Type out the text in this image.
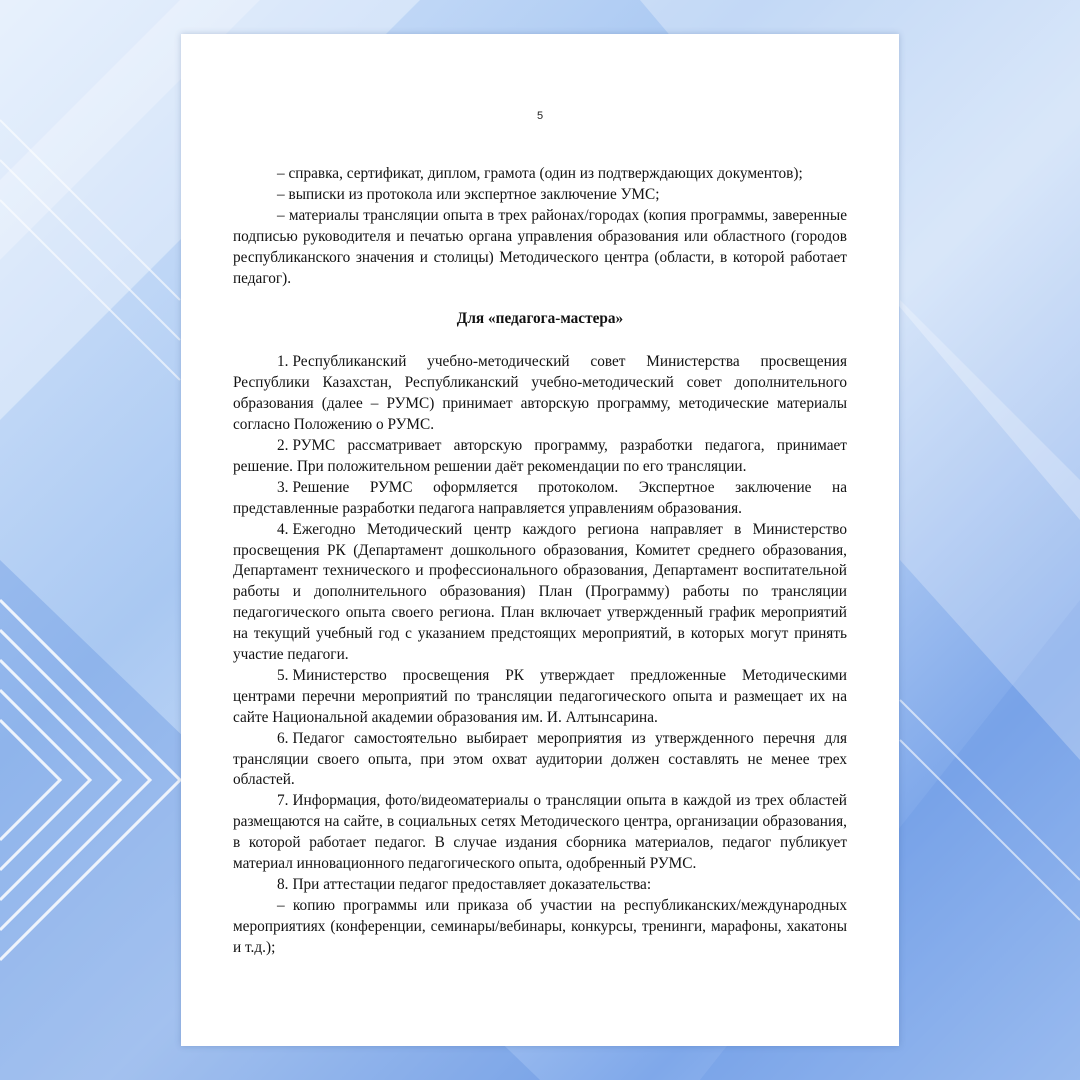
5

– справка, сертификат, диплом, грамота (один из подтверждающих документов);

– выписки из протокола или экспертное заключение УМС;

– материалы трансляции опыта в трех районах/городах (копия программы, заверенные подписью руководителя и печатью органа управления образования или областного (городов республиканского значения и столицы) Методического центра (области, в которой работает педагог).

Для «педагога-мастера»

1. Республиканский учебно-методический совет Министерства просвещения Республики Казахстан, Республиканский учебно-методический совет дополнительного образования (далее – РУМС) принимает авторскую программу, методические материалы согласно Положению о РУМС.

2. РУМС рассматривает авторскую программу, разработки педагога, принимает решение. При положительном решении даёт рекомендации по его трансляции.

3. Решение РУМС оформляется протоколом. Экспертное заключение на представленные разработки педагога направляется управлениям образования.

4. Ежегодно Методический центр каждого региона направляет в Министерство просвещения РК (Департамент дошкольного образования, Комитет среднего образования, Департамент технического и профессионального образования, Департамент воспитательной работы и дополнительного образования) План (Программу) работы по трансляции педагогического опыта своего региона. План включает утвержденный график мероприятий на текущий учебный год с указанием предстоящих мероприятий, в которых могут принять участие педагоги.

5. Министерство просвещения РК утверждает предложенные Методическими центрами перечни мероприятий по трансляции педагогического опыта и размещает их на сайте Национальной академии образования им. И. Алтынсарина.

6. Педагог самостоятельно выбирает мероприятия из утвержденного перечня для трансляции своего опыта, при этом охват аудитории должен составлять не менее трех областей.

7. Информация, фото/видеоматериалы о трансляции опыта в каждой из трех областей размещаются на сайте, в социальных сетях Методического центра, организации образования, в которой работает педагог. В случае издания сборника материалов, педагог публикует материал инновационного педагогического опыта, одобренный РУМС.

8. При аттестации педагог предоставляет доказательства:

– копию программы или приказа об участии на республиканских/международных мероприятиях (конференции, семинары/вебинары, конкурсы, тренинги, марафоны, хакатоны и т.д.);
